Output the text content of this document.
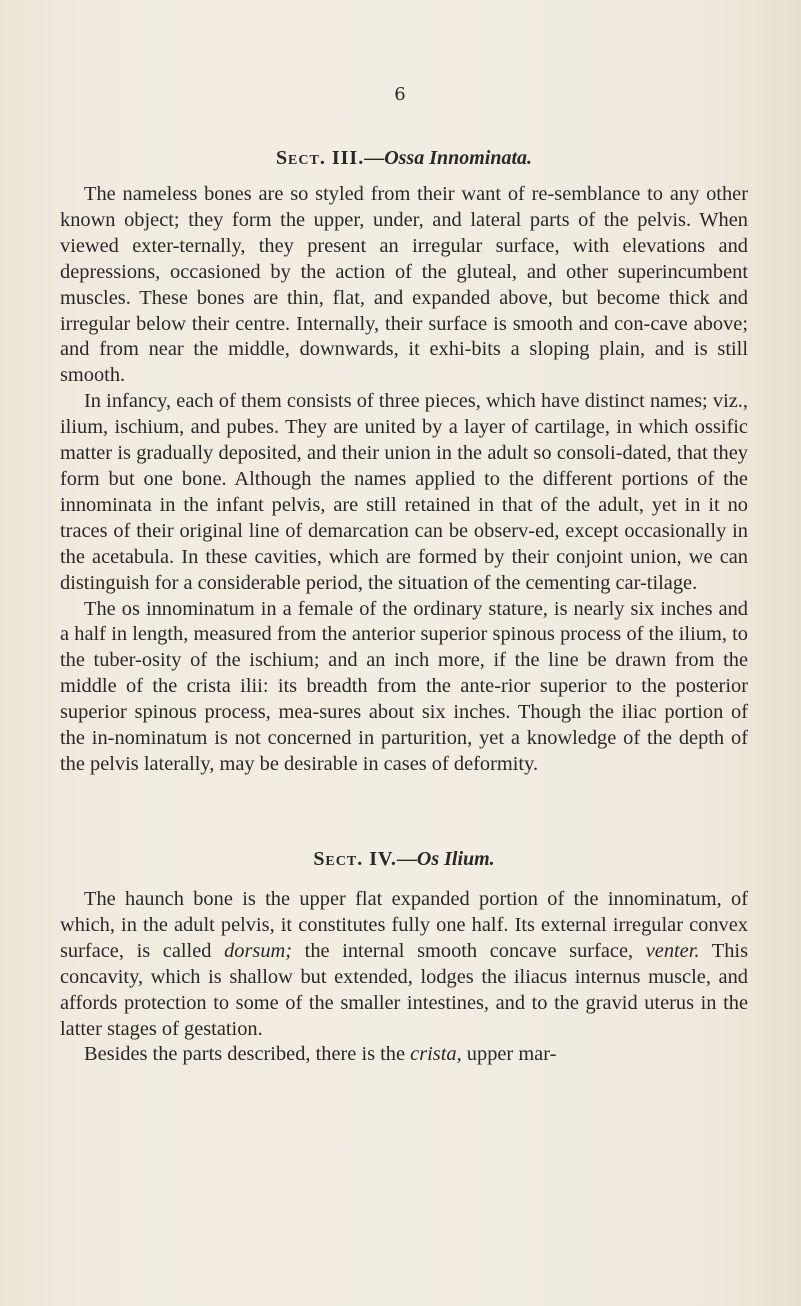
6
Sect. III.—Ossa Innominata.

The nameless bones are so styled from their want of re-semblance to any other known object; they form the upper, under, and lateral parts of the pelvis. When viewed exter-ternally, they present an irregular surface, with elevations and depressions, occasioned by the action of the gluteal, and other superincumbent muscles. These bones are thin, flat, and expanded above, but become thick and irregular below their centre. Internally, their surface is smooth and con-cave above; and from near the middle, downwards, it exhi-bits a sloping plain, and is still smooth.

In infancy, each of them consists of three pieces, which have distinct names; viz., ilium, ischium, and pubes. They are united by a layer of cartilage, in which ossific matter is gradually deposited, and their union in the adult so consoli-dated, that they form but one bone. Although the names applied to the different portions of the innominata in the infant pelvis, are still retained in that of the adult, yet in it no traces of their original line of demarcation can be observ-ed, except occasionally in the acetabula. In these cavities, which are formed by their conjoint union, we can distinguish for a considerable period, the situation of the cementing car-tilage.

The os innominatum in a female of the ordinary stature, is nearly six inches and a half in length, measured from the anterior superior spinous process of the ilium, to the tuber-osity of the ischium; and an inch more, if the line be drawn from the middle of the crista ilii: its breadth from the ante-rior superior to the posterior superior spinous process, mea-sures about six inches. Though the iliac portion of the in-nominatum is not concerned in parturition, yet a knowledge of the depth of the pelvis laterally, may be desirable in cases of deformity.

Sect. IV.—Os Ilium.

The haunch bone is the upper flat expanded portion of the innominatum, of which, in the adult pelvis, it constitutes fully one half. Its external irregular convex surface, is called dorsum; the internal smooth concave surface, venter. This concavity, which is shallow but extended, lodges the iliacus internus muscle, and affords protection to some of the smaller intestines, and to the gravid uterus in the latter stages of gestation.

Besides the parts described, there is the crista, upper mar-
